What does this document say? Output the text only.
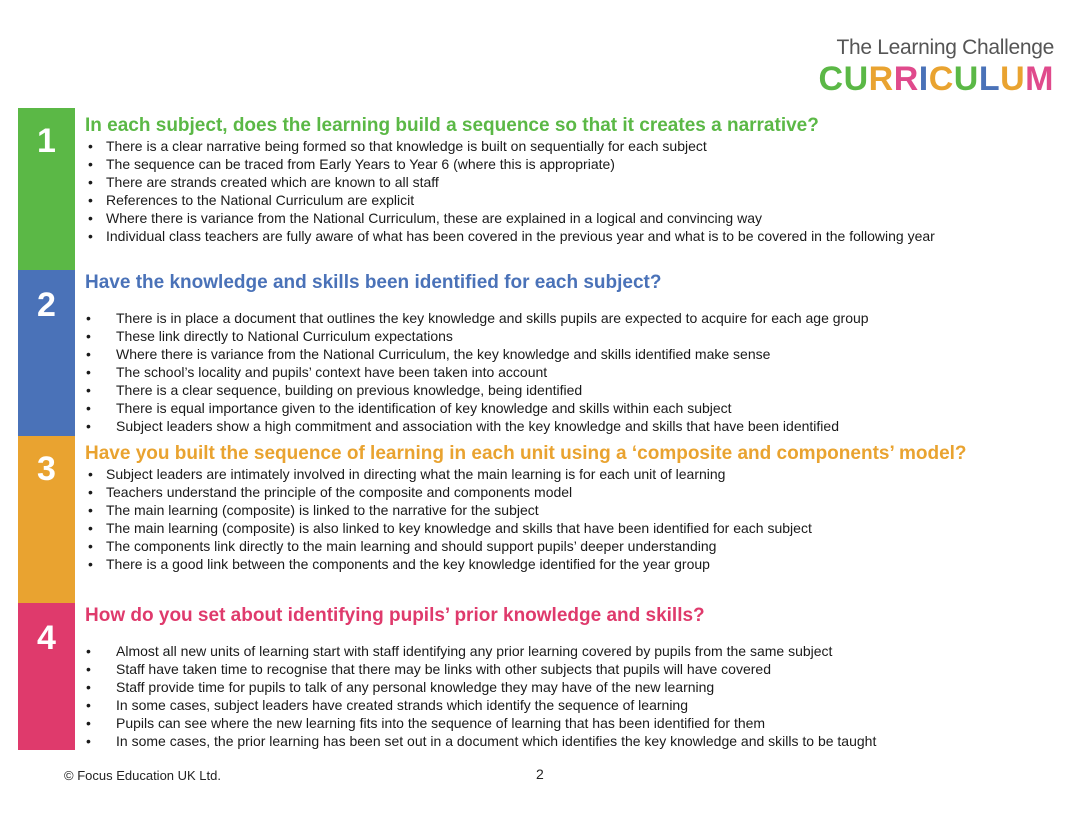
The Learning Challenge
CURRICULUM
1	In each subject, does the learning build a sequence so that it creates a narrative?
• There is a clear narrative being formed so that knowledge is built on sequentially for each subject
• The sequence can be traced from Early Years to Year 6 (where this is appropriate)
• There are strands created which are known to all staff
• References to the National Curriculum are explicit
• Where there is variance from the National Curriculum, these are explained in a logical and convincing way
• Individual class teachers are fully aware of what has been covered in the previous year and what is to be covered in the following year
2
Have the knowledge and skills been identified for each subject?
• There is in place a document that outlines the key knowledge and skills pupils are expected to acquire for each age group
• These link directly to National Curriculum expectations
• Where there is variance from the National Curriculum, the key knowledge and skills identified make sense
• The school’s locality and pupils’ context have been taken into account
• There is a clear sequence, building on previous knowledge, being identified
• There is equal importance given to the identification of key knowledge and skills within each subject
• Subject leaders show a high commitment and association with the key knowledge and skills that have been identified
3	Have you built the sequence of learning in each unit using a ‘composite and components’ model?
• Subject leaders are intimately involved in directing what the main learning is for each unit of learning
• Teachers understand the principle of the composite and components model
• The main learning (composite) is linked to the narrative for the subject
• The main learning (composite) is also linked to key knowledge and skills that have been identified for each subject
• The components link directly to the main learning and should support pupils’ deeper understanding
• There is a good link between the components and the key knowledge identified for the year group
4
How do you set about identifying pupils’ prior knowledge and skills?
• Almost all new units of learning start with staff identifying any prior learning covered by pupils from the same subject
• Staff have taken time to recognise that there may be links with other subjects that pupils will have covered
• Staff provide time for pupils to talk of any personal knowledge they may have of the new learning
• In some cases, subject leaders have created strands which identify the sequence of learning
• Pupils can see where the new learning fits into the sequence of learning that has been identified for them
• In some cases, the prior learning has been set out in a document which identifies the key knowledge and skills to be taught
© Focus Education UK Ltd.	2
